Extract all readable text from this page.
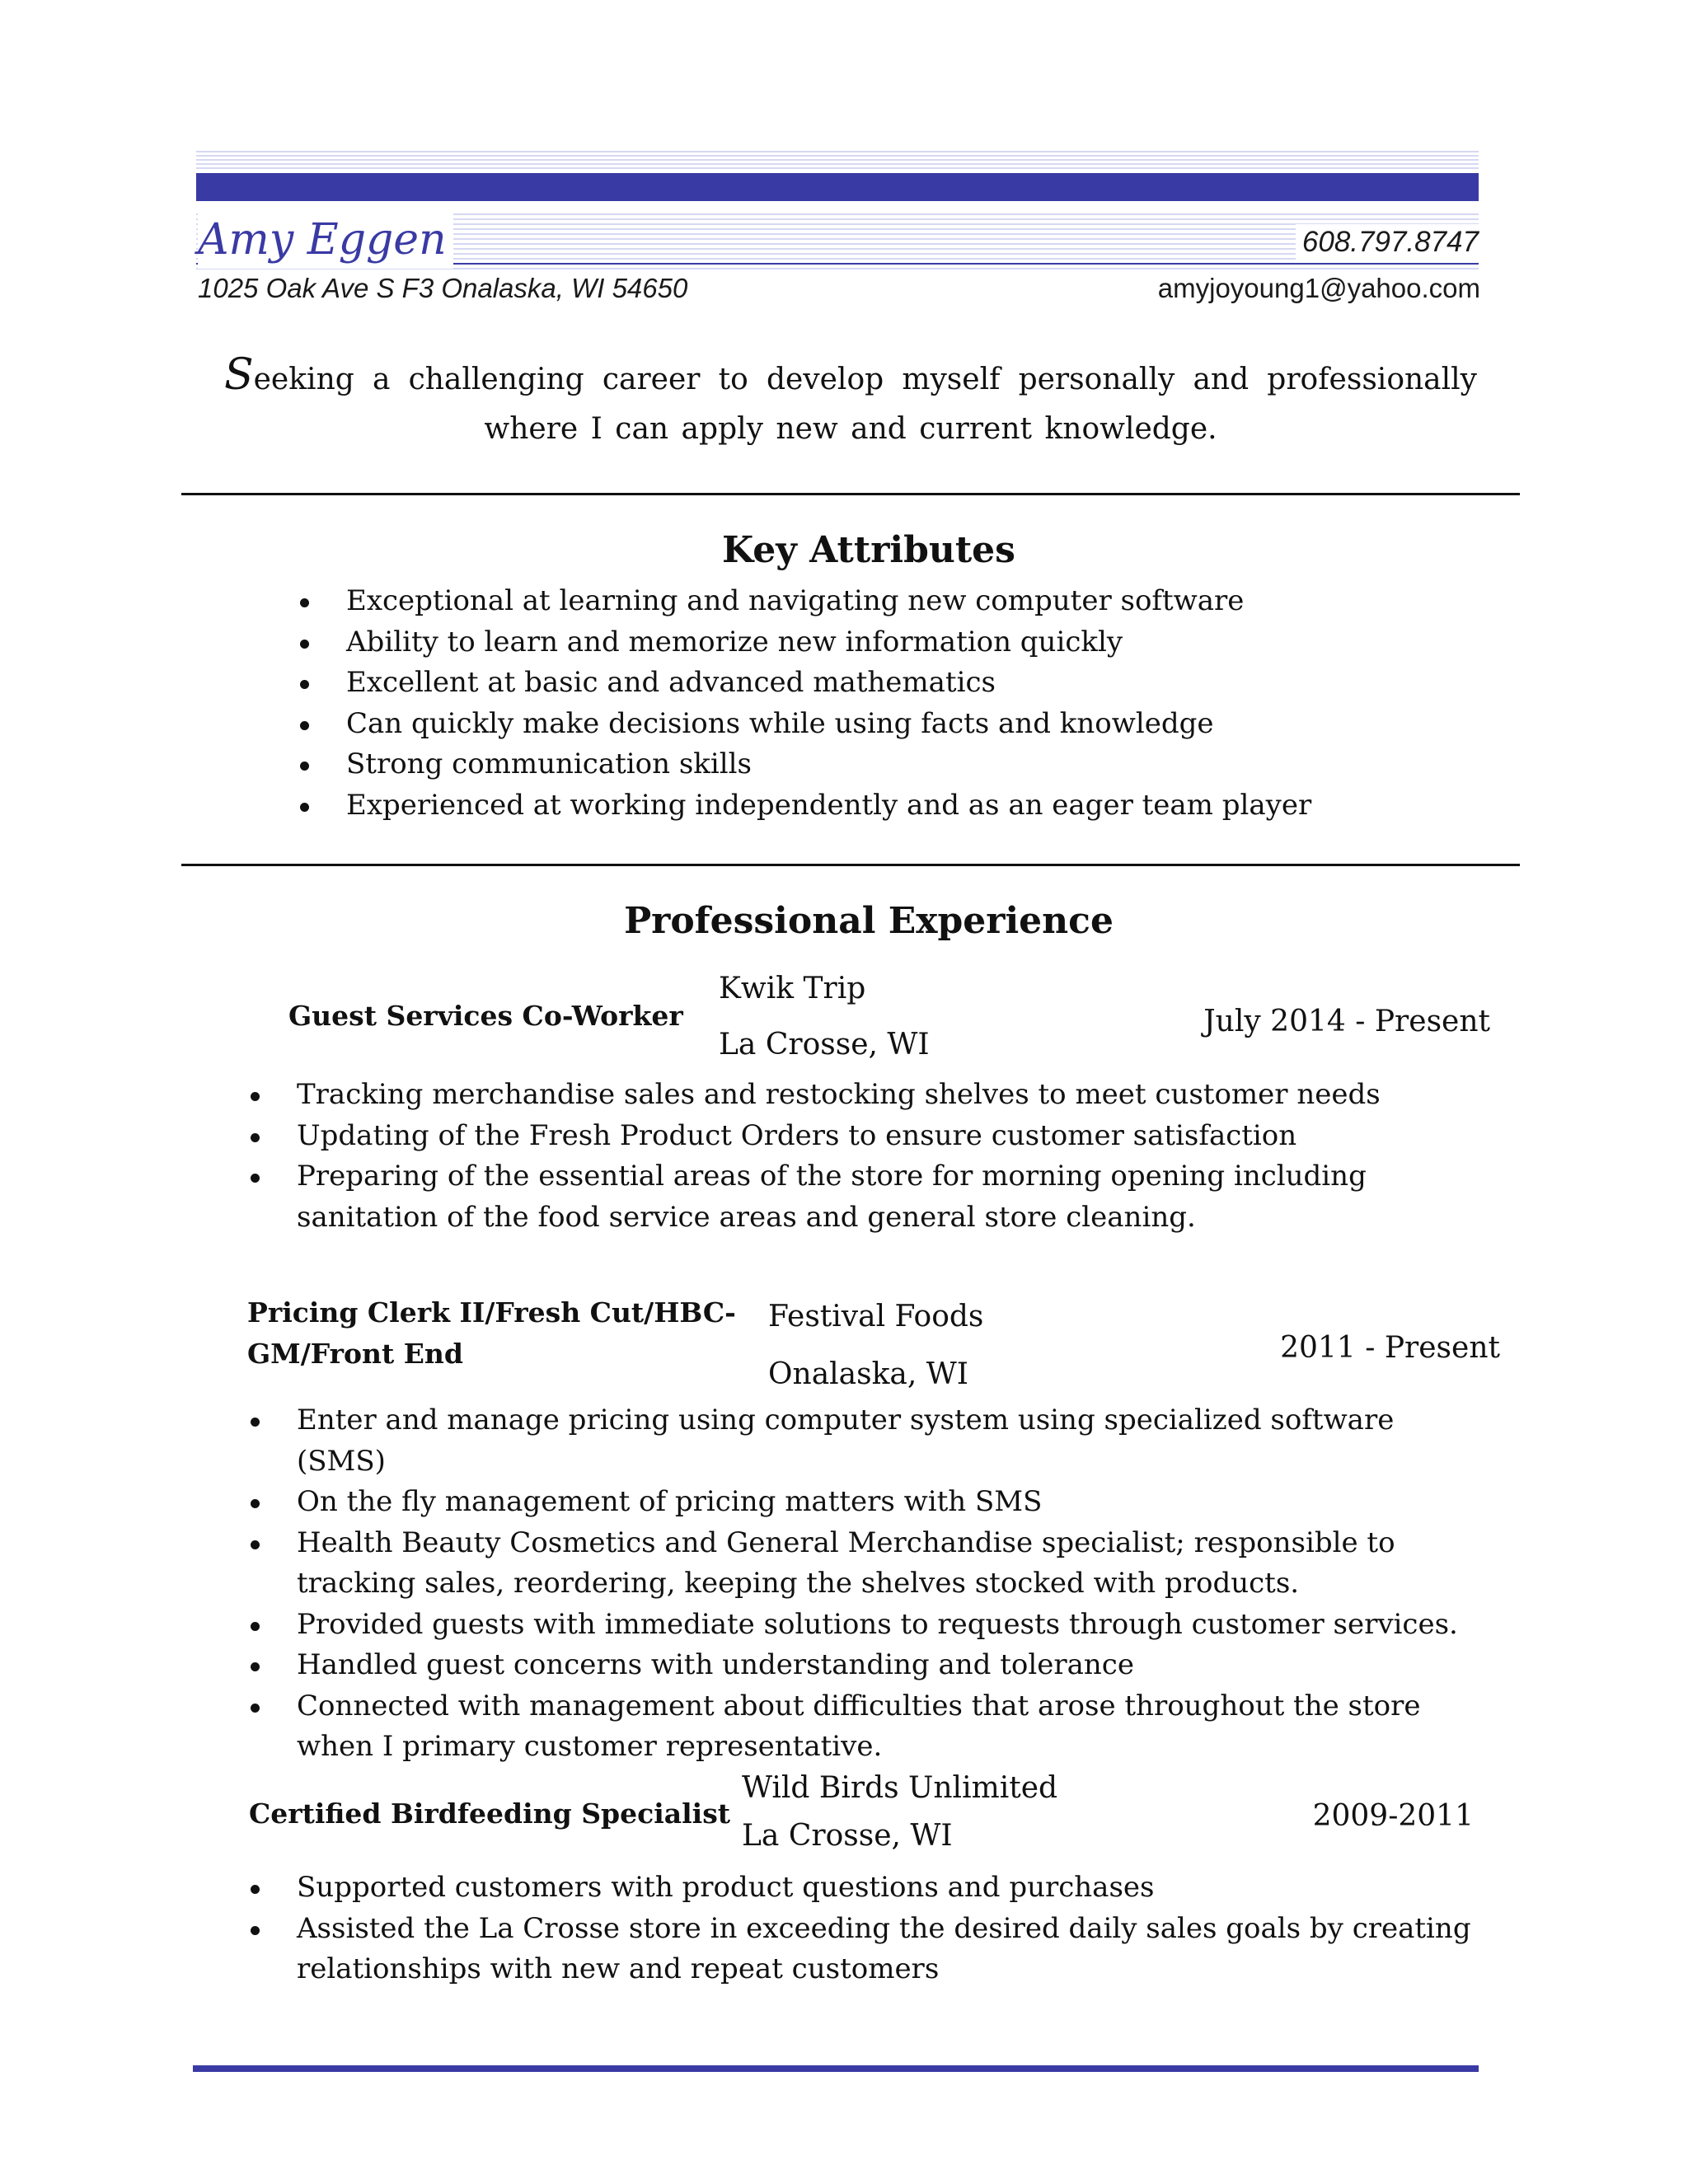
Amy Eggen	608.797.8747
1025 Oak Ave S F3 Onalaska, WI 54650	amyjoyoung1@yahoo.com
Seeking a challenging career to develop myself personally and professionally where I can apply new and current knowledge.
Key Attributes
Exceptional at learning and navigating new computer software
Ability to learn and memorize new information quickly
Excellent at basic and advanced mathematics
Can quickly make decisions while using facts and knowledge
Strong communication skills
Experienced at working independently and as an eager team player
Professional Experience
Guest Services Co-Worker
Kwik Trip
La Crosse, WI
July 2014 - Present
Tracking merchandise sales and restocking shelves to meet customer needs
Updating of the Fresh Product Orders to ensure customer satisfaction
Preparing of the essential areas of the store for morning opening including sanitation of the food service areas and general store cleaning.
Pricing Clerk II/Fresh Cut/HBC-GM/Front End
Festival Foods
Onalaska, WI
2011 - Present
Enter and manage pricing using computer system using specialized software (SMS)
On the fly management of pricing matters with SMS
Health Beauty Cosmetics and General Merchandise specialist; responsible to tracking sales, reordering, keeping the shelves stocked with products.
Provided guests with immediate solutions to requests through customer services.
Handled guest concerns with understanding and tolerance
Connected with management about difficulties that arose throughout the store when I primary customer representative.
Certified Birdfeeding Specialist
Wild Birds Unlimited
La Crosse, WI
2009-2011
Supported customers with product questions and purchases
Assisted the La Crosse store in exceeding the desired daily sales goals by creating relationships with new and repeat customers
